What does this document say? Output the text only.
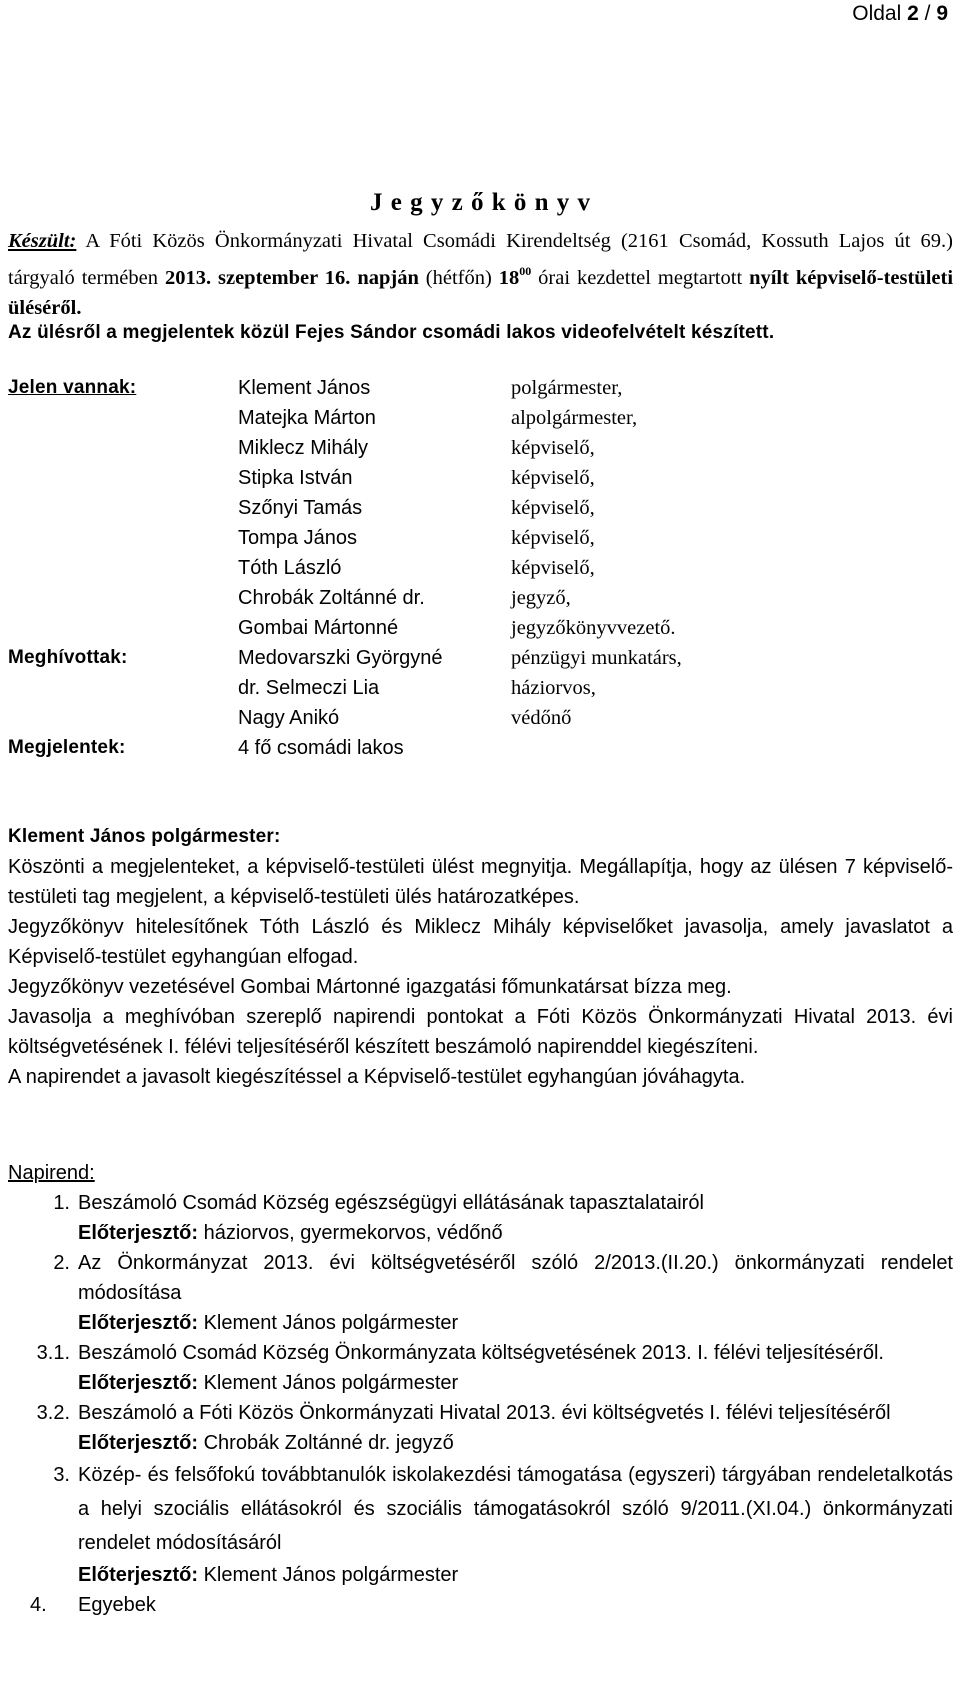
Oldal 2 / 9
J e g y z ő k ö n y v
Készült: A Fóti Közös Önkormányzati Hivatal Csomádi Kirendeltség (2161 Csomád, Kossuth Lajos út 69.) tárgyaló termében 2013. szeptember 16. napján (hétfőn) $18^{00}$ órai kezdettel megtartott nyílt képviselő-testületi üléséről.
Az ülésről a megjelentek közül Fejes Sándor csomádi lakos videofelvételt készített.
Jelen vannak:	Klement János	polgármester,
Matejka Márton	alpolgármester,
Miklecz Mihály	képviselő,
Stipka István	képviselő,
Szőnyi Tamás	képviselő,
Tompa János	képviselő,
Tóth László	képviselő,
Chrobák Zoltánné dr.	jegyző,
Gombai Mártonné	jegyzőkönyvvezető.
Meghívottak:	Medovarszki Györgyné	pénzügyi munkatárs,
dr. Selmeczi Lia	háziorvos,
Nagy Anikó	védőnő
Megjelentek:	4 fő csomádi lakos
Klement János polgármester:
Köszönti a megjelenteket, a képviselő-testületi ülést megnyitja. Megállapítja, hogy az ülésen 7 képviselő-testületi tag megjelent, a képviselő-testületi ülés határozatképes.
Jegyzőkönyv hitelesítőnek Tóth László és Miklecz Mihály képviselőket javasolja, amely javaslatot a Képviselő-testület egyhangúan elfogad.
Jegyzőkönyv vezetésével Gombai Mártonné igazgatási főmunkatársat bízza meg.
Javasolja a meghívóban szereplő napirendi pontokat a Fóti Közös Önkormányzati Hivatal 2013. évi költségvetésének I. félévi teljesítéséről készített beszámoló napirenddel kiegészíteni.
A napirendet a javasolt kiegészítéssel a Képviselő-testület egyhangúan jóváhagyta.
Napirend:
1. Beszámoló Csomád Község egészségügyi ellátásának tapasztalatairól
Előterjesztő: háziorvos, gyermekorvos, védőnő
2. Az Önkormányzat 2013. évi költségvetéséről szóló 2/2013.(II.20.) önkormányzati rendelet módosítása
Előterjesztő: Klement János polgármester
3.1. Beszámoló Csomád Község Önkormányzata költségvetésének 2013. I. félévi teljesítéséről.
Előterjesztő: Klement János polgármester
3.2. Beszámoló a Fóti Közös Önkormányzati Hivatal 2013. évi költségvetés I. félévi teljesítéséről
Előterjesztő: Chrobák Zoltánné dr. jegyző
3. Közép- és felsőfokú továbbtanulók iskolakezdési támogatása (egyszeri) tárgyában rendeletalkotás a helyi szociális ellátásokról és szociális támogatásokról szóló 9/2011.(XI.04.) önkormányzati rendelet módosításáról
Előterjesztő: Klement János polgármester
4.	Egyebek
